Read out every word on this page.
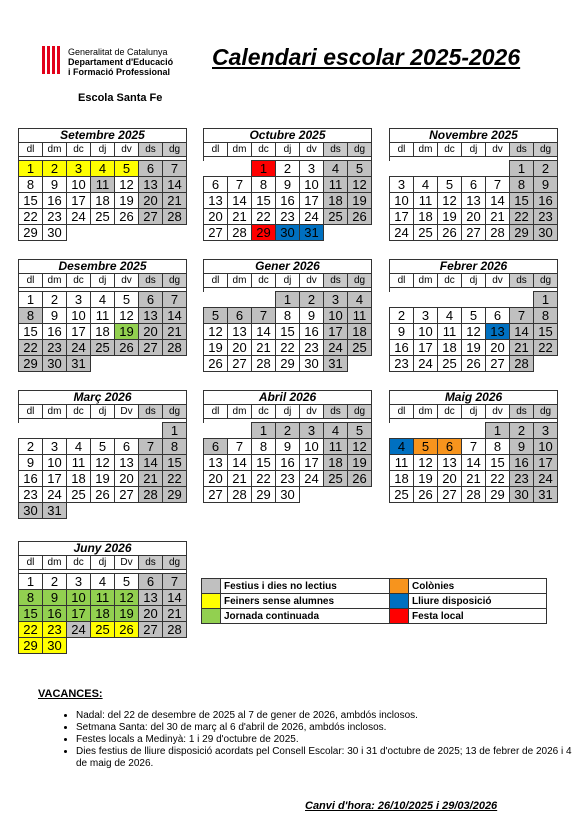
Generalitat de Catalunya
Departament d'Educació
i Formació Professional
Escola Santa Fe
Calendari escolar 2025-2026
Setembre 2025						
dl	dm	dc	dj	dv	ds	dg

1	2	3	4	5	6	7
8	9	10	11	12	13	14
15	16	17	18	19	20	21
22	23	24	25	26	27	28
29	30					
Octubre 2025						
dl	dm	dc	dj	dv	ds	dg

		1	2	3	4	5
6	7	8	9	10	11	12
13	14	15	16	17	18	19
20	21	22	23	24	25	26
27	28	29	30	31		
Novembre 2025						
dl	dm	dc	dj	dv	ds	dg

					1	2
3	4	5	6	7	8	9
10	11	12	13	14	15	16
17	18	19	20	21	22	23
24	25	26	27	28	29	30
Desembre 2025						
dl	dm	dc	dj	dv	ds	dg

1	2	3	4	5	6	7
8	9	10	11	12	13	14
15	16	17	18	19	20	21
22	23	24	25	26	27	28
29	30	31				
Gener 2026						
dl	dm	dc	dj	dv	ds	dg

			1	2	3	4
5	6	7	8	9	10	11
12	13	14	15	16	17	18
19	20	21	22	23	24	25
26	27	28	29	30	31	
Febrer 2026						
dl	dm	dc	dj	dv	ds	dg

						1
2	3	4	5	6	7	8
9	10	11	12	13	14	15
16	17	18	19	20	21	22
23	24	25	26	27	28	
Març 2026						
dl	dm	dc	dj	Dv	ds	dg

						1
2	3	4	5	6	7	8
9	10	11	12	13	14	15
16	17	18	19	20	21	22
23	24	25	26	27	28	29
30	31					
Abril 2026						
dl	dm	dc	dj	dv	ds	dg

		1	2	3	4	5
6	7	8	9	10	11	12
13	14	15	16	17	18	19
20	21	22	23	24	25	26
27	28	29	30			
Maig 2026						
dl	dm	dc	dj	dv	ds	dg

				1	2	3
4	5	6	7	8	9	10
11	12	13	14	15	16	17
18	19	20	21	22	23	24
25	26	27	28	29	30	31
Juny 2026						
dl	dm	dc	dj	Dv	ds	dg

1	2	3	4	5	6	7
8	9	10	11	12	13	14
15	16	17	18	19	20	21
22	23	24	25	26	27	28
29	30					
	Festius i dies no lectius		Colònies
	Feiners sense alumnes		Lliure disposició
	Jornada continuada		Festa local
VACANCES:
• Nadal: del 22 de desembre de 2025 al 7 de gener de 2026, ambdós inclosos.
• Setmana Santa: del 30 de març al 6 d'abril de 2026, ambdós inclosos.
• Festes locals a Medinyà: 1 i 29 d'octubre de 2025.
• Dies festius de lliure disposició acordats pel Consell Escolar: 30 i 31 d'octubre de 2025; 13 de febrer de 2026 i 4 de maig de 2026.
Canvi d'hora: 26/10/2025 i 29/03/2026
